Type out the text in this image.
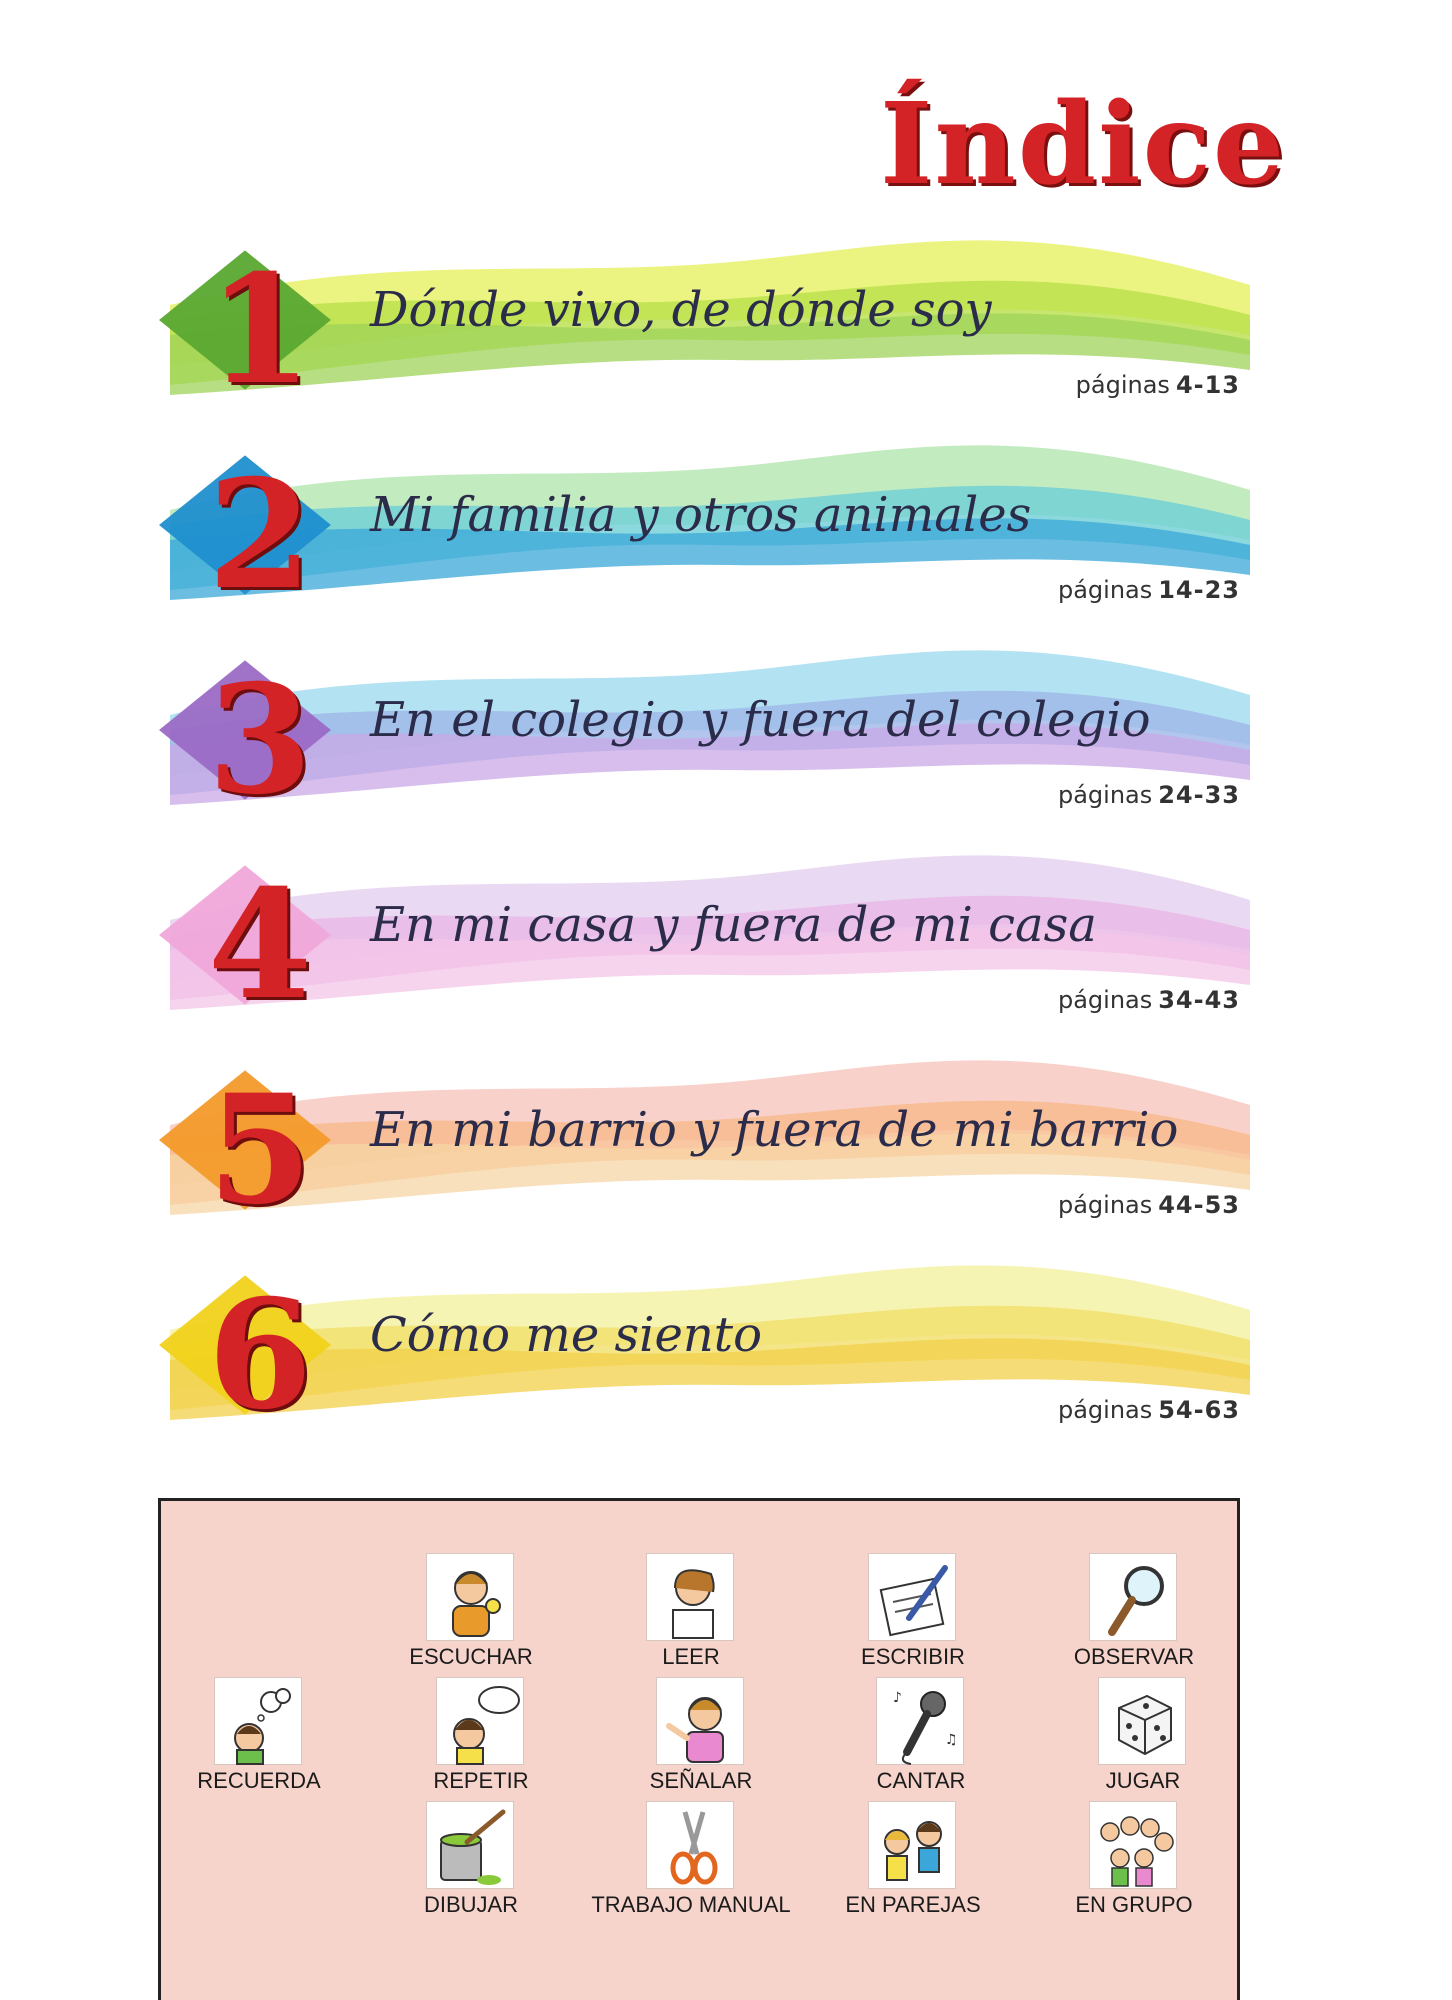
Índice
1 Dónde vivo, de dónde soy
páginas 4-13
2 Mi familia y otros animales
páginas 14-23
3 En el colegio y fuera del colegio
páginas 24-33
4 En mi casa y fuera de mi casa
páginas 34-43
5 En mi barrio y fuera de mi barrio
páginas 44-53
6 Cómo me siento
páginas 54-63
ESCUCHAR	LEER	ESCRIBIR	OBSERVAR
RECUERDA	REPETIR	SEÑALAR
♪
♫
CANTAR	JUGAR
DIBUJAR	TRABAJO MANUAL	EN PAREJAS	EN GRUPO
